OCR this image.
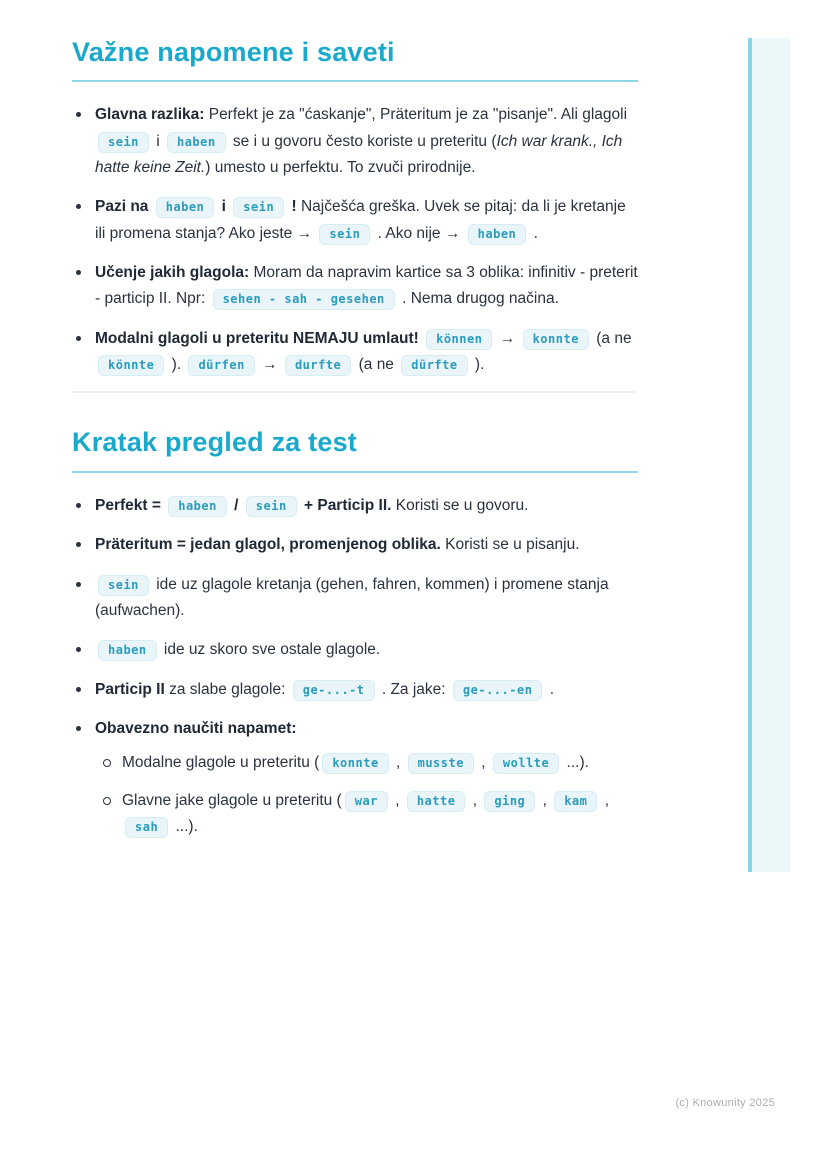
Važne napomene i saveti
Glavna razlika: Perfekt je za "ćaskanje", Präteritum je za "pisanje". Ali glagoli sein i haben se i u govoru često koriste u preteritu (Ich war krank., Ich hatte keine Zeit.) umesto u perfektu. To zvuči prirodnije.
Pazi na haben i sein ! Najčešća greška. Uvek se pitaj: da li je kretanje ili promena stanja? Ako jeste → sein . Ako nije → haben .
Učenje jakih glagola: Moram da napravim kartice sa 3 oblika: infinitiv - preterit - particip II. Npr: sehen - sah - gesehen . Nema drugog načina.
Modalni glagoli u preteritu NEMAJU umlaut! können → konnte (a ne könnte ). dürfen → durfte (a ne dürfte ).
Kratak pregled za test
Perfekt = haben / sein + Particip II. Koristi se u govoru.
Präteritum = jedan glagol, promenjenog oblika. Koristi se u pisanju.
sein ide uz glagole kretanja (gehen, fahren, kommen) i promene stanja (aufwachen).
haben ide uz skoro sve ostale glagole.
Particip II za slabe glagole: ge-...-t . Za jake: ge-...-en .
Obavezno naučiti napamet:
Modalne glagole u preteritu ( konnte , musste , wollte ...).
Glavne jake glagole u preteritu ( war , hatte , ging , kam , sah ...).
(c) Knowunity 2025
